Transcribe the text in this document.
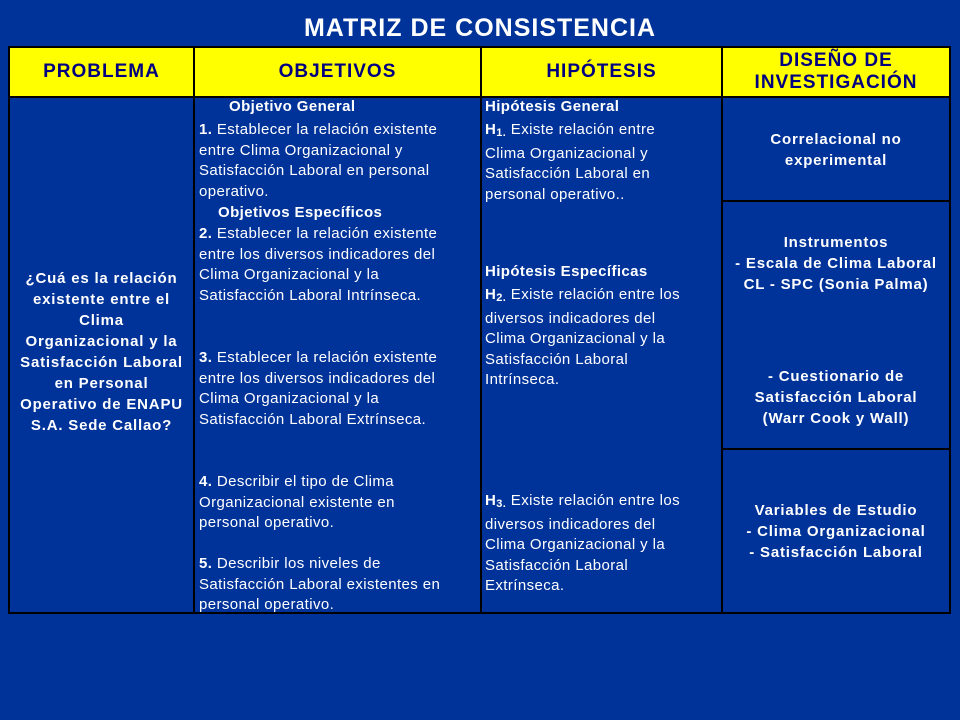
MATRIZ DE CONSISTENCIA
PROBLEMA	OBJETIVOS	HIPÓTESIS
DISEÑO DE
INVESTIGACIÓN
¿Cuá es la relación
existente entre el
Clima
Organizacional y la
Satisfacción Laboral
en Personal
Operativo de ENAPU
S.A. Sede Callao?
Objetivo General
1. Establecer la relación existente
entre Clima Organizacional y
Satisfacción Laboral en personal
operativo.
Objetivos Específicos
2. Establecer la relación existente
entre los diversos indicadores del
Clima Organizacional y la
Satisfacción Laboral Intrínseca.
3. Establecer la relación existente
entre los diversos indicadores del
Clima Organizacional y la
Satisfacción Laboral Extrínseca.
4. Describir el tipo de Clima
Organizacional existente en
personal operativo.
5. Describir los niveles de
Satisfacción Laboral existentes en
personal operativo.
Hipótesis General
$H_{1.}$ Existe relación entre
Clima Organizacional y
Satisfacción Laboral en
personal operativo..
Hipótesis Específicas
$H_{2.}$ Existe relación entre los
diversos indicadores del
Clima Organizacional y la
Satisfacción Laboral
Intrínseca.
$H_{3.}$ Existe relación entre los
diversos indicadores del
Clima Organizacional y la
Satisfacción Laboral
Extrínseca.
Correlacional no
experimental
Instrumentos
- Escala de Clima Laboral
CL - SPC (Sonia Palma)
- Cuestionario de
Satisfacción Laboral
(Warr Cook y Wall)
Variables de Estudio
- Clima Organizacional
- Satisfacción Laboral
